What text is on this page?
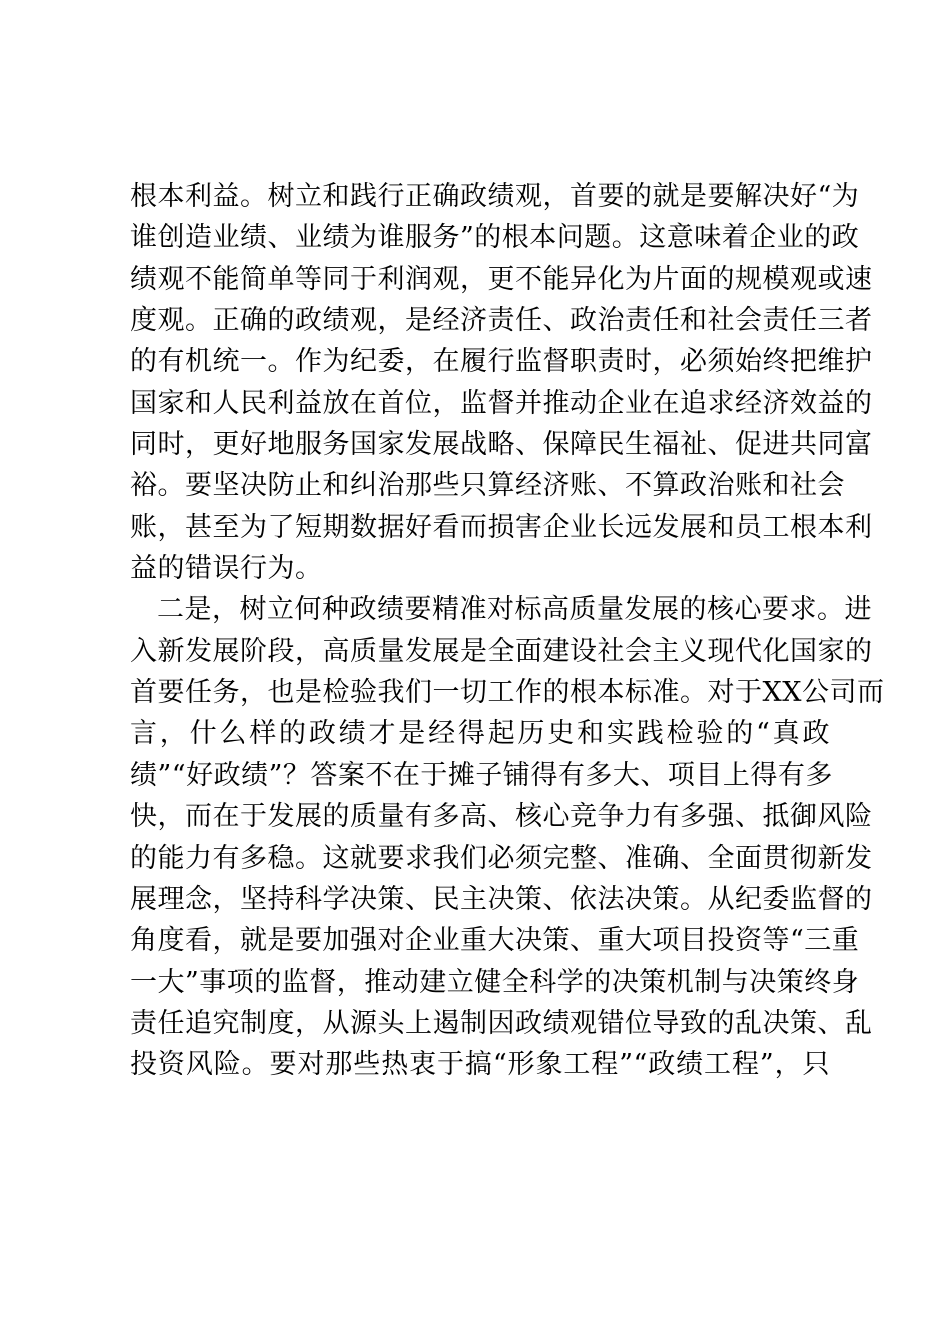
根本利益。树立和践行正确政绩观，首要的就是要解决好“为
谁创造业绩、业绩为谁服务”的根本问题。这意味着企业的政
绩观不能简单等同于利润观，更不能异化为片面的规模观或速
度观。正确的政绩观，是经济责任、政治责任和社会责任三者
的有机统一。作为纪委，在履行监督职责时，必须始终把维护
国家和人民利益放在首位，监督并推动企业在追求经济效益的
同时，更好地服务国家发展战略、保障民生福祉、促进共同富
裕。要坚决防止和纠治那些只算经济账、不算政治账和社会
账，甚至为了短期数据好看而损害企业长远发展和员工根本利
益的错误行为。
二是，树立何种政绩要精准对标高质量发展的核心要求。进
入新发展阶段，高质量发展是全面建设社会主义现代化国家的
首要任务，也是检验我们一切工作的根本标准。对于XX公司而
言，什么样的政绩才是经得起历史和实践检验的“真政
绩”“好政绩”？答案不在于摊子铺得有多大、项目上得有多
快，而在于发展的质量有多高、核心竞争力有多强、抵御风险
的能力有多稳。这就要求我们必须完整、准确、全面贯彻新发
展理念，坚持科学决策、民主决策、依法决策。从纪委监督的
角度看，就是要加强对企业重大决策、重大项目投资等“三重
一大”事项的监督，推动建立健全科学的决策机制与决策终身
责任追究制度，从源头上遏制因政绩观错位导致的乱决策、乱
投资风险。要对那些热衷于搞“形象工程”“政绩工程”，只
